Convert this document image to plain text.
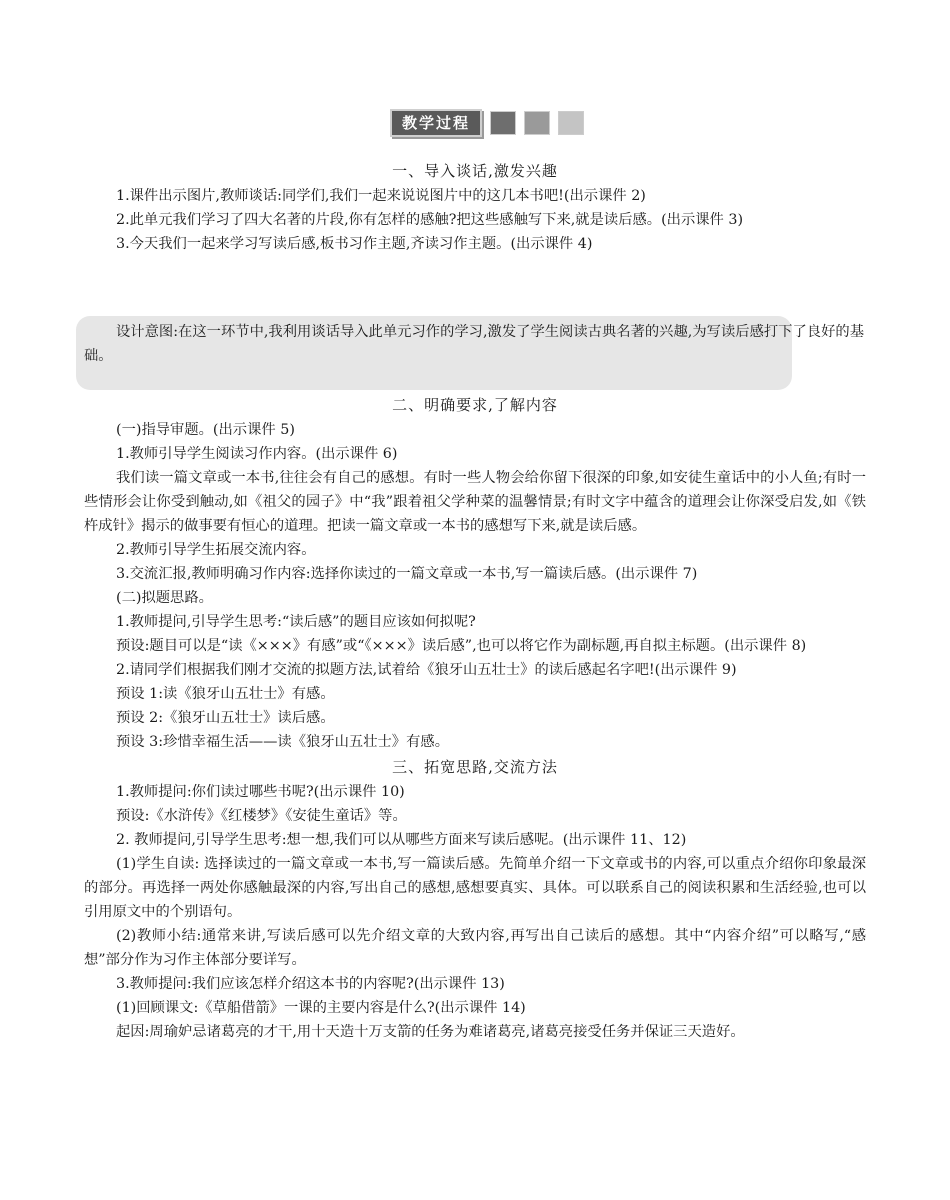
教学过程
一、导入谈话,激发兴趣

1.课件出示图片,教师谈话:同学们,我们一起来说说图片中的这几本书吧!(出示课件 2)

2.此单元我们学习了四大名著的片段,你有怎样的感触?把这些感触写下来,就是读后感。(出示课件 3)

3.今天我们一起来学习写读后感,板书习作主题,齐读习作主题。(出示课件 4)

设计意图:在这一环节中,我利用谈话导入此单元习作的学习,激发了学生阅读古典名著的兴趣,为写读后感打下了良好的基础。

二、明确要求,了解内容

(一)指导审题。(出示课件 5)

1.教师引导学生阅读习作内容。(出示课件 6)

我们读一篇文章或一本书,往往会有自己的感想。有时一些人物会给你留下很深的印象,如安徒生童话中的小人鱼;有时一些情形会让你受到触动,如《祖父的园子》中“我”跟着祖父学种菜的温馨情景;有时文字中蕴含的道理会让你深受启发,如《铁杵成针》揭示的做事要有恒心的道理。把读一篇文章或一本书的感想写下来,就是读后感。

2.教师引导学生拓展交流内容。

3.交流汇报,教师明确习作内容:选择你读过的一篇文章或一本书,写一篇读后感。(出示课件 7)

(二)拟题思路。

1.教师提问,引导学生思考:“读后感”的题目应该如何拟呢?

预设:题目可以是“读《×××》有感”或“《×××》读后感”,也可以将它作为副标题,再自拟主标题。(出示课件 8)

2.请同学们根据我们刚才交流的拟题方法,试着给《狼牙山五壮士》的读后感起名字吧!(出示课件 9)

预设 1:读《狼牙山五壮士》有感。

预设 2:《狼牙山五壮士》读后感。

预设 3:珍惜幸福生活——读《狼牙山五壮士》有感。

三、拓宽思路,交流方法

1.教师提问:你们读过哪些书呢?(出示课件 10)

预设:《水浒传》《红楼梦》《安徒生童话》等。

2. 教师提问,引导学生思考:想一想,我们可以从哪些方面来写读后感呢。(出示课件 11、12)

(1)学生自读: 选择读过的一篇文章或一本书,写一篇读后感。先简单介绍一下文章或书的内容,可以重点介绍你印象最深的部分。再选择一两处你感触最深的内容,写出自己的感想,感想要真实、具体。可以联系自己的阅读积累和生活经验,也可以引用原文中的个别语句。

(2)教师小结:通常来讲,写读后感可以先介绍文章的大致内容,再写出自己读后的感想。其中“内容介绍”可以略写,“感想”部分作为习作主体部分要详写。

3.教师提问:我们应该怎样介绍这本书的内容呢?(出示课件 13)

(1)回顾课文:《草船借箭》一课的主要内容是什么?(出示课件 14)

起因:周瑜妒忌诸葛亮的才干,用十天造十万支箭的任务为难诸葛亮,诸葛亮接受任务并保证三天造好。
